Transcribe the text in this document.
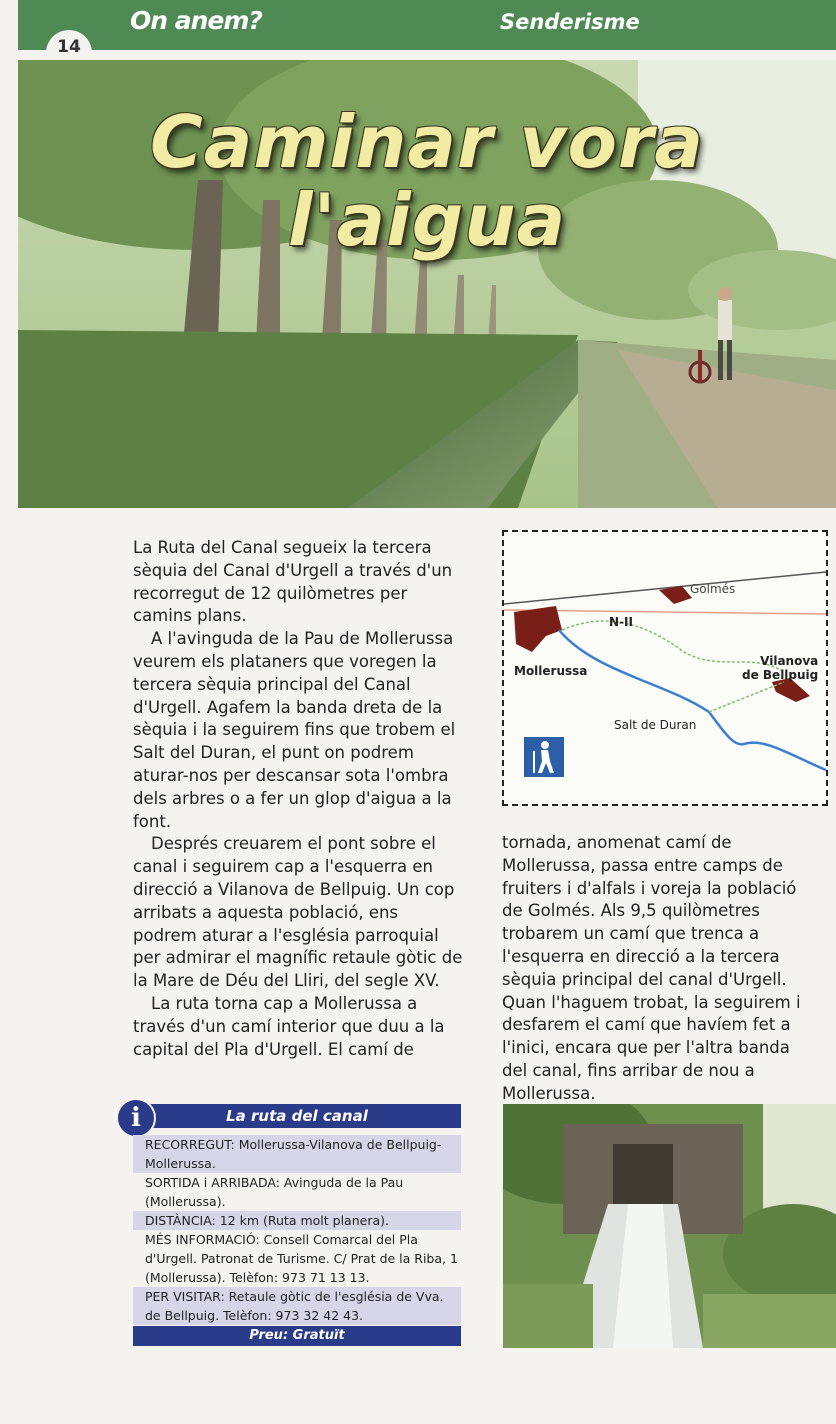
On anem?	Senderisme
14
Caminar vora
l'aigua

La Ruta del Canal segueix la tercera sèquia del Canal d'Urgell a través d'un recorregut de 12 quilòmetres per camins plans.

A l'avinguda de la Pau de Mollerussa veurem els plataners que voregen la tercera sèquia principal del Canal d'Urgell. Agafem la banda dreta de la sèquia i la seguirem fins que trobem el Salt del Duran, el punt on podrem aturar-nos per descansar sota l'ombra dels arbres o a fer un glop d'aigua a la font.

Després creuarem el pont sobre el canal i seguirem cap a l'esquerra en direcció a Vilanova de Bellpuig. Un cop arribats a aquesta població, ens podrem aturar a l'església parroquial per admirar el magnífic retaule gòtic de la Mare de Déu del Lliri, del segle XV.

La ruta torna cap a Mollerussa a través d'un camí interior que duu a la capital del Pla d'Urgell. El camí de

Golmés
N-II
Mollerussa
Vilanova
de Bellpuig
Salt de Duran

tornada, anomenat camí de Mollerussa, passa entre camps de fruiters i d'alfals i voreja la població de Golmés. Als 9,5 quilòmetres trobarem un camí que trenca a l'esquerra en direcció a la tercera sèquia principal del canal d'Urgell. Quan l'haguem trobat, la seguirem i desfarem el camí que havíem fet a l'inici, encara que per l'altra banda del canal, fins arribar de nou a Mollerussa.

La ruta del canal
i
RECORREGUT: Mollerussa-Vilanova de Bellpuig-Mollerussa.
SORTIDA i ARRIBADA: Avinguda de la Pau (Mollerussa).
DISTÀNCIA: 12 km (Ruta molt planera).
MÉS INFORMACIÓ: Consell Comarcal del Pla d'Urgell. Patronat de Turisme. C/ Prat de la Riba, 1 (Mollerussa). Telèfon: 973 71 13 13.
PER VISITAR: Retaule gòtic de l'església de Vva. de Bellpuig. Telèfon: 973 32 42 43.
Preu: Gratuït
